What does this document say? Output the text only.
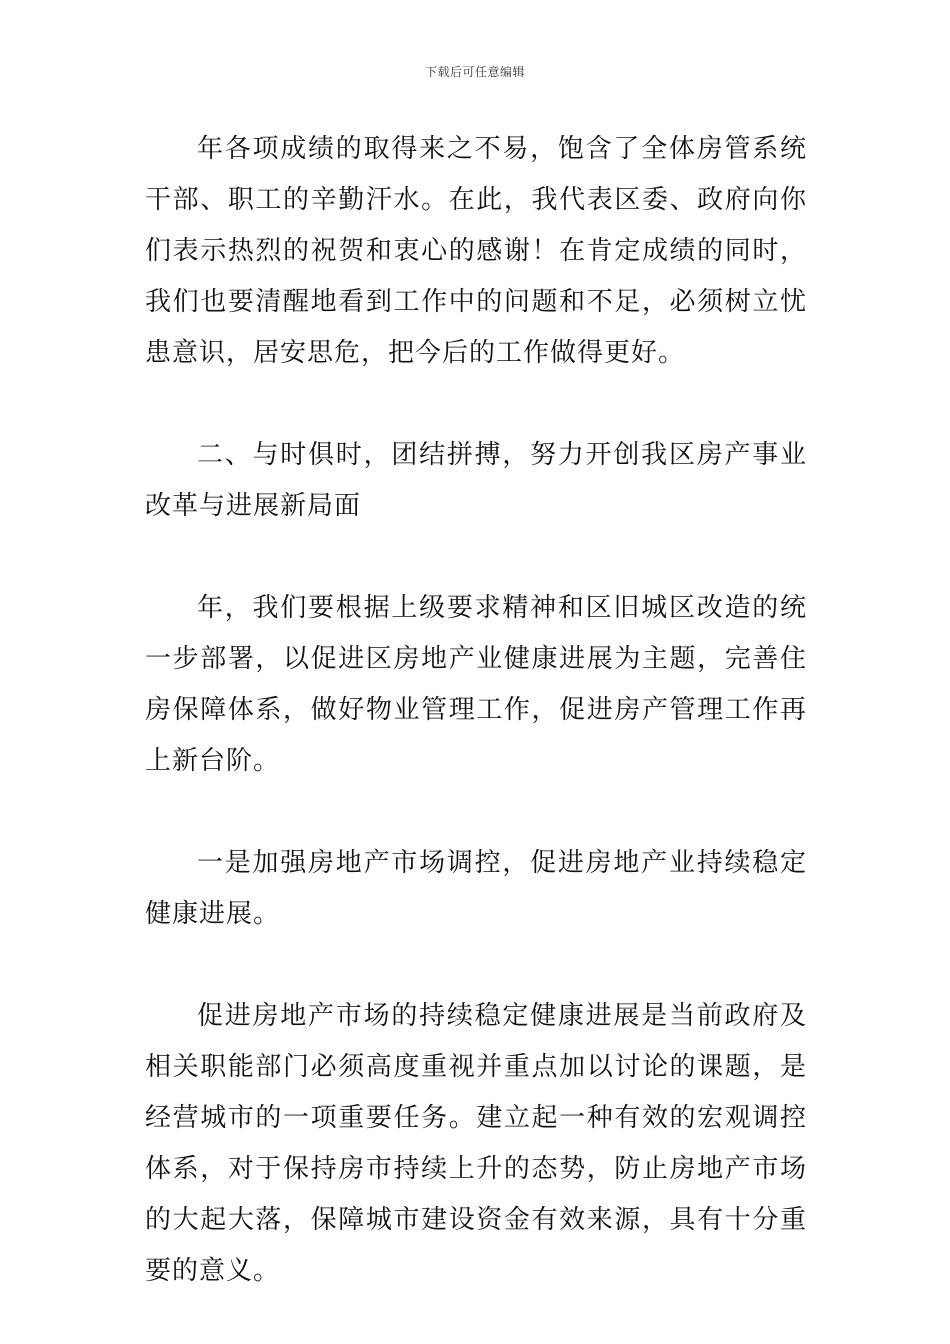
下载后可任意编辑

年各项成绩的取得来之不易，饱含了全体房管系统干部、职工的辛勤汗水。在此，我代表区委、政府向你们表示热烈的祝贺和衷心的感谢！在肯定成绩的同时，我们也要清醒地看到工作中的问题和不足，必须树立忧患意识，居安思危，把今后的工作做得更好。

二、与时俱时，团结拼搏，努力开创我区房产事业改革与进展新局面

年，我们要根据上级要求精神和区旧城区改造的统一步部署，以促进区房地产业健康进展为主题，完善住房保障体系，做好物业管理工作，促进房产管理工作再上新台阶。

一是加强房地产市场调控，促进房地产业持续稳定健康进展。

促进房地产市场的持续稳定健康进展是当前政府及相关职能部门必须高度重视并重点加以讨论的课题，是经营城市的一项重要任务。建立起一种有效的宏观调控体系，对于保持房市持续上升的态势，防止房地产市场的大起大落，保障城市建设资金有效来源，具有十分重要的意义。
